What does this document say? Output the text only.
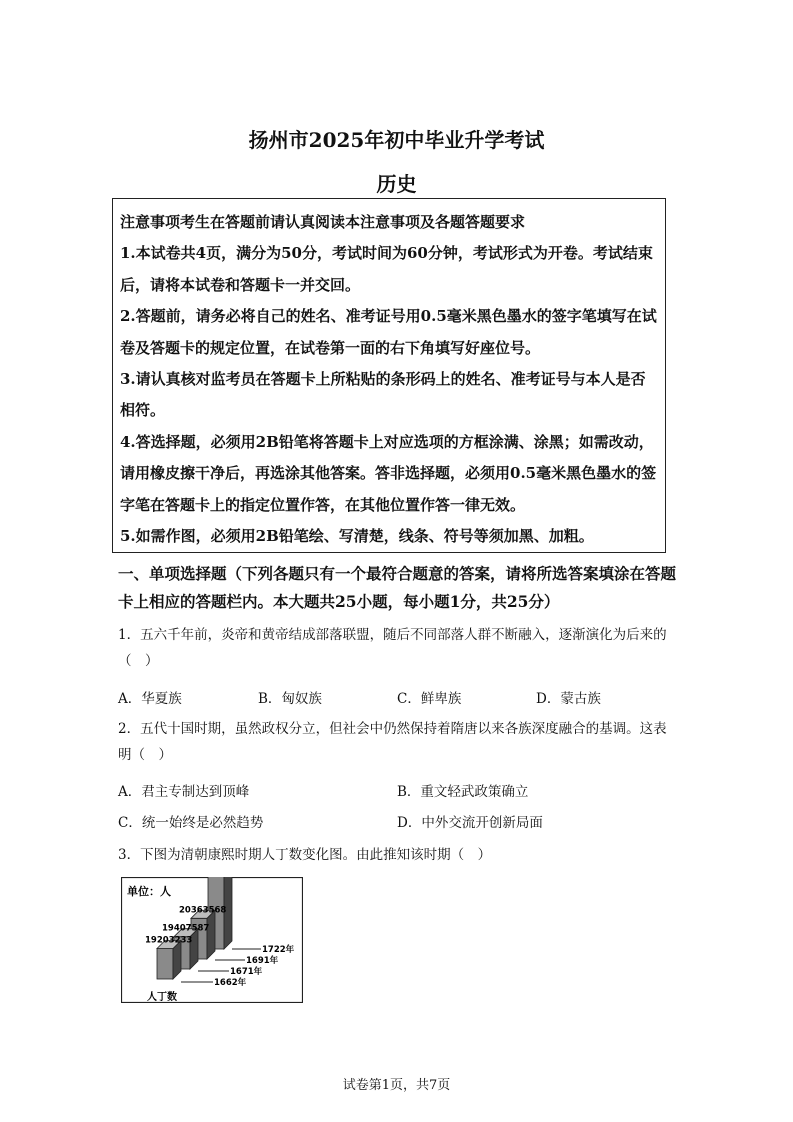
扬州市2025年初中毕业升学考试
历史

注意事项考生在答题前请认真阅读本注意事项及各题答题要求

1.本试卷共4页，满分为50分，考试时间为60分钟，考试形式为开卷。考试结束后，请将本试卷和答题卡一并交回。

2.答题前，请务必将自己的姓名、准考证号用0.5毫米黑色墨水的签字笔填写在试卷及答题卡的规定位置，在试卷第一面的右下角填写好座位号。

3.请认真核对监考员在答题卡上所粘贴的条形码上的姓名、准考证号与本人是否相符。

4.答选择题，必须用2B铅笔将答题卡上对应选项的方框涂满、涂黑；如需改动，请用橡皮擦干净后，再选涂其他答案。答非选择题，必须用0.5毫米黑色墨水的签字笔在答题卡上的指定位置作答，在其他位置作答一律无效。

5.如需作图，必须用2B铅笔绘、写清楚，线条、符号等须加黑、加粗。

一、单项选择题（下列各题只有一个最符合题意的答案，请将所选答案填涂在答题卡上相应的答题栏内。本大题共25小题，每小题1分，共25分）
1．五六千年前，炎帝和黄帝结成部落联盟，随后不同部落人群不断融入，逐渐演化为后来的（　）
A．华夏族	B．匈奴族	C．鲜卑族	D．蒙古族
2．五代十国时期，虽然政权分立，但社会中仍然保持着隋唐以来各族深度融合的基调。这表明（　）
A．君主专制达到顶峰	B．重文轻武政策确立
C．统一始终是必然趋势	D．中外交流开创新局面
3．下图为清朝康熙时期人丁数变化图。由此推知该时期（　）
单位：人
人丁数
1722年
20363568
1691年
19407587
1671年
19203233
1662年
试卷第1页，共7页
